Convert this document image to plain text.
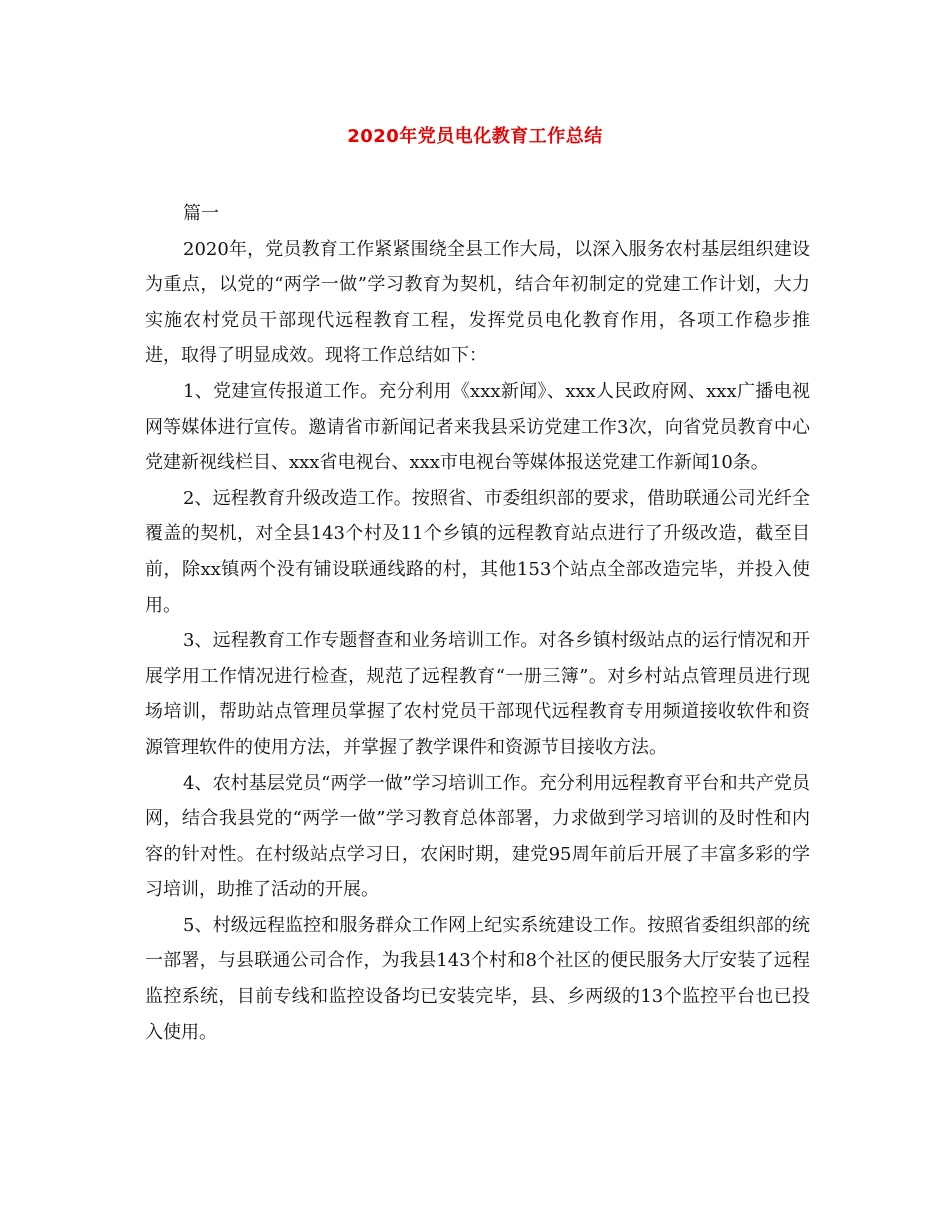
2020年党员电化教育工作总结

篇一

2020年，党员教育工作紧紧围绕全县工作大局，以深入服务农村基层组织建设为重点，以党的“两学一做”学习教育为契机，结合年初制定的党建工作计划，大力实施农村党员干部现代远程教育工程，发挥党员电化教育作用，各项工作稳步推进，取得了明显成效。现将工作总结如下：

1、党建宣传报道工作。充分利用《xxx新闻》、xxx人民政府网、xxx广播电视网等媒体进行宣传。邀请省市新闻记者来我县采访党建工作3次，向省党员教育中心党建新视线栏目、xxx省电视台、xxx市电视台等媒体报送党建工作新闻10条。

2、远程教育升级改造工作。按照省、市委组织部的要求，借助联通公司光纤全覆盖的契机，对全县143个村及11个乡镇的远程教育站点进行了升级改造，截至目前，除xx镇两个没有铺设联通线路的村，其他153个站点全部改造完毕，并投入使用。

3、远程教育工作专题督查和业务培训工作。对各乡镇村级站点的运行情况和开展学用工作情况进行检查，规范了远程教育“一册三簿”。对乡村站点管理员进行现场培训，帮助站点管理员掌握了农村党员干部现代远程教育专用频道接收软件和资源管理软件的使用方法，并掌握了教学课件和资源节目接收方法。

4、农村基层党员“两学一做”学习培训工作。充分利用远程教育平台和共产党员网，结合我县党的“两学一做”学习教育总体部署，力求做到学习培训的及时性和内容的针对性。在村级站点学习日，农闲时期，建党95周年前后开展了丰富多彩的学习培训，助推了活动的开展。

5、村级远程监控和服务群众工作网上纪实系统建设工作。按照省委组织部的统一部署，与县联通公司合作，为我县143个村和8个社区的便民服务大厅安装了远程监控系统，目前专线和监控设备均已安装完毕，县、乡两级的13个监控平台也已投入使用。
